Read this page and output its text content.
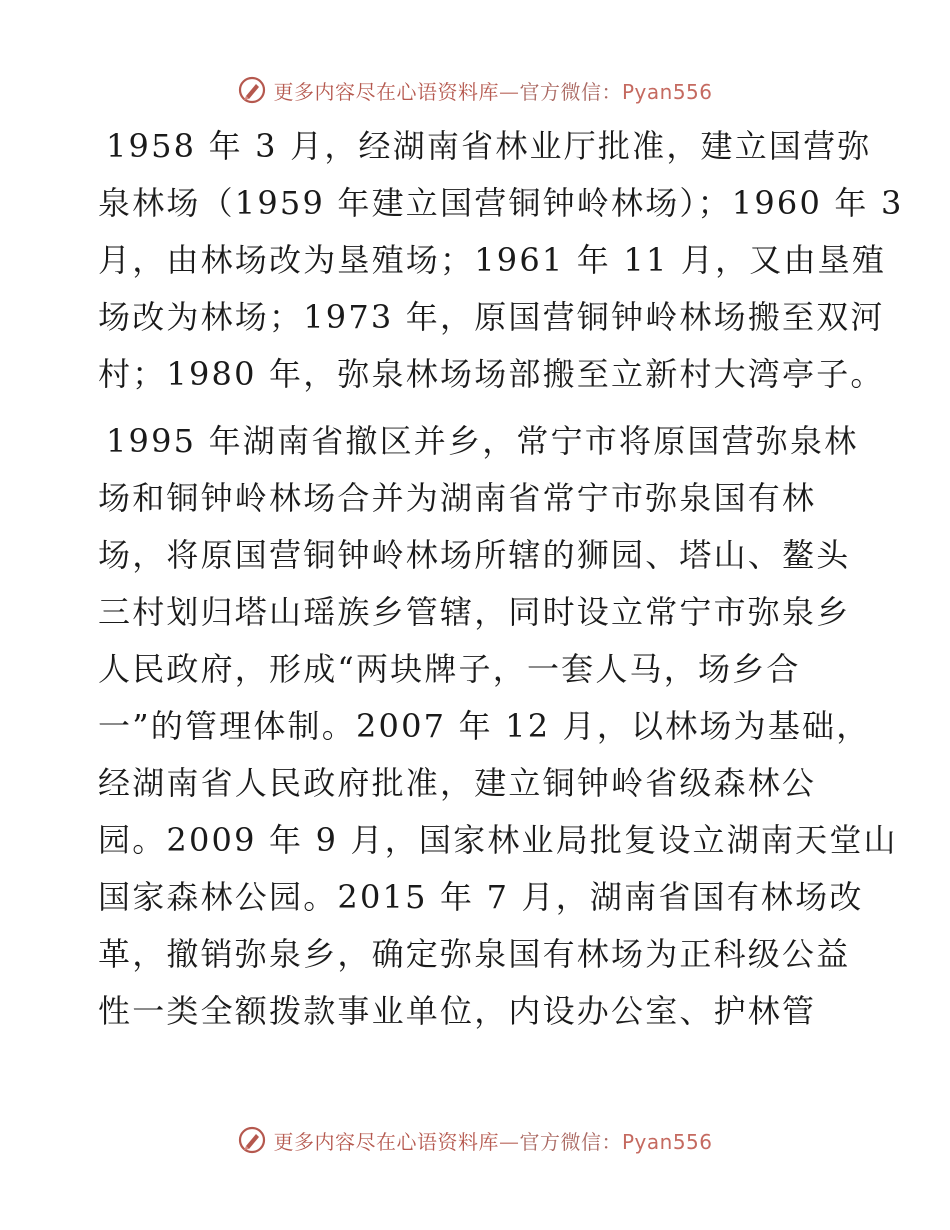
更多内容尽在心语资料库—官方微信：Pyan556

1958 年 3 月，经湖南省林业厅批准，建立国营弥
泉林场（1959 年建立国营铜钟岭林场）；1960 年 3
月，由林场改为垦殖场；1961 年 11 月，又由垦殖
场改为林场；1973 年，原国营铜钟岭林场搬至双河
村；1980 年，弥泉林场场部搬至立新村大湾亭子。

1995 年湖南省撤区并乡，常宁市将原国营弥泉林
场和铜钟岭林场合并为湖南省常宁市弥泉国有林
场，将原国营铜钟岭林场所辖的狮园、塔山、鳌头
三村划归塔山瑶族乡管辖，同时设立常宁市弥泉乡
人民政府，形成“两块牌子，一套人马，场乡合
一”的管理体制。2007 年 12 月，以林场为基础，
经湖南省人民政府批准，建立铜钟岭省级森林公
园。2009 年 9 月，国家林业局批复设立湖南天堂山
国家森林公园。2015 年 7 月，湖南省国有林场改
革，撤销弥泉乡，确定弥泉国有林场为正科级公益
性一类全额拨款事业单位，内设办公室、护林管

更多内容尽在心语资料库—官方微信：Pyan556
